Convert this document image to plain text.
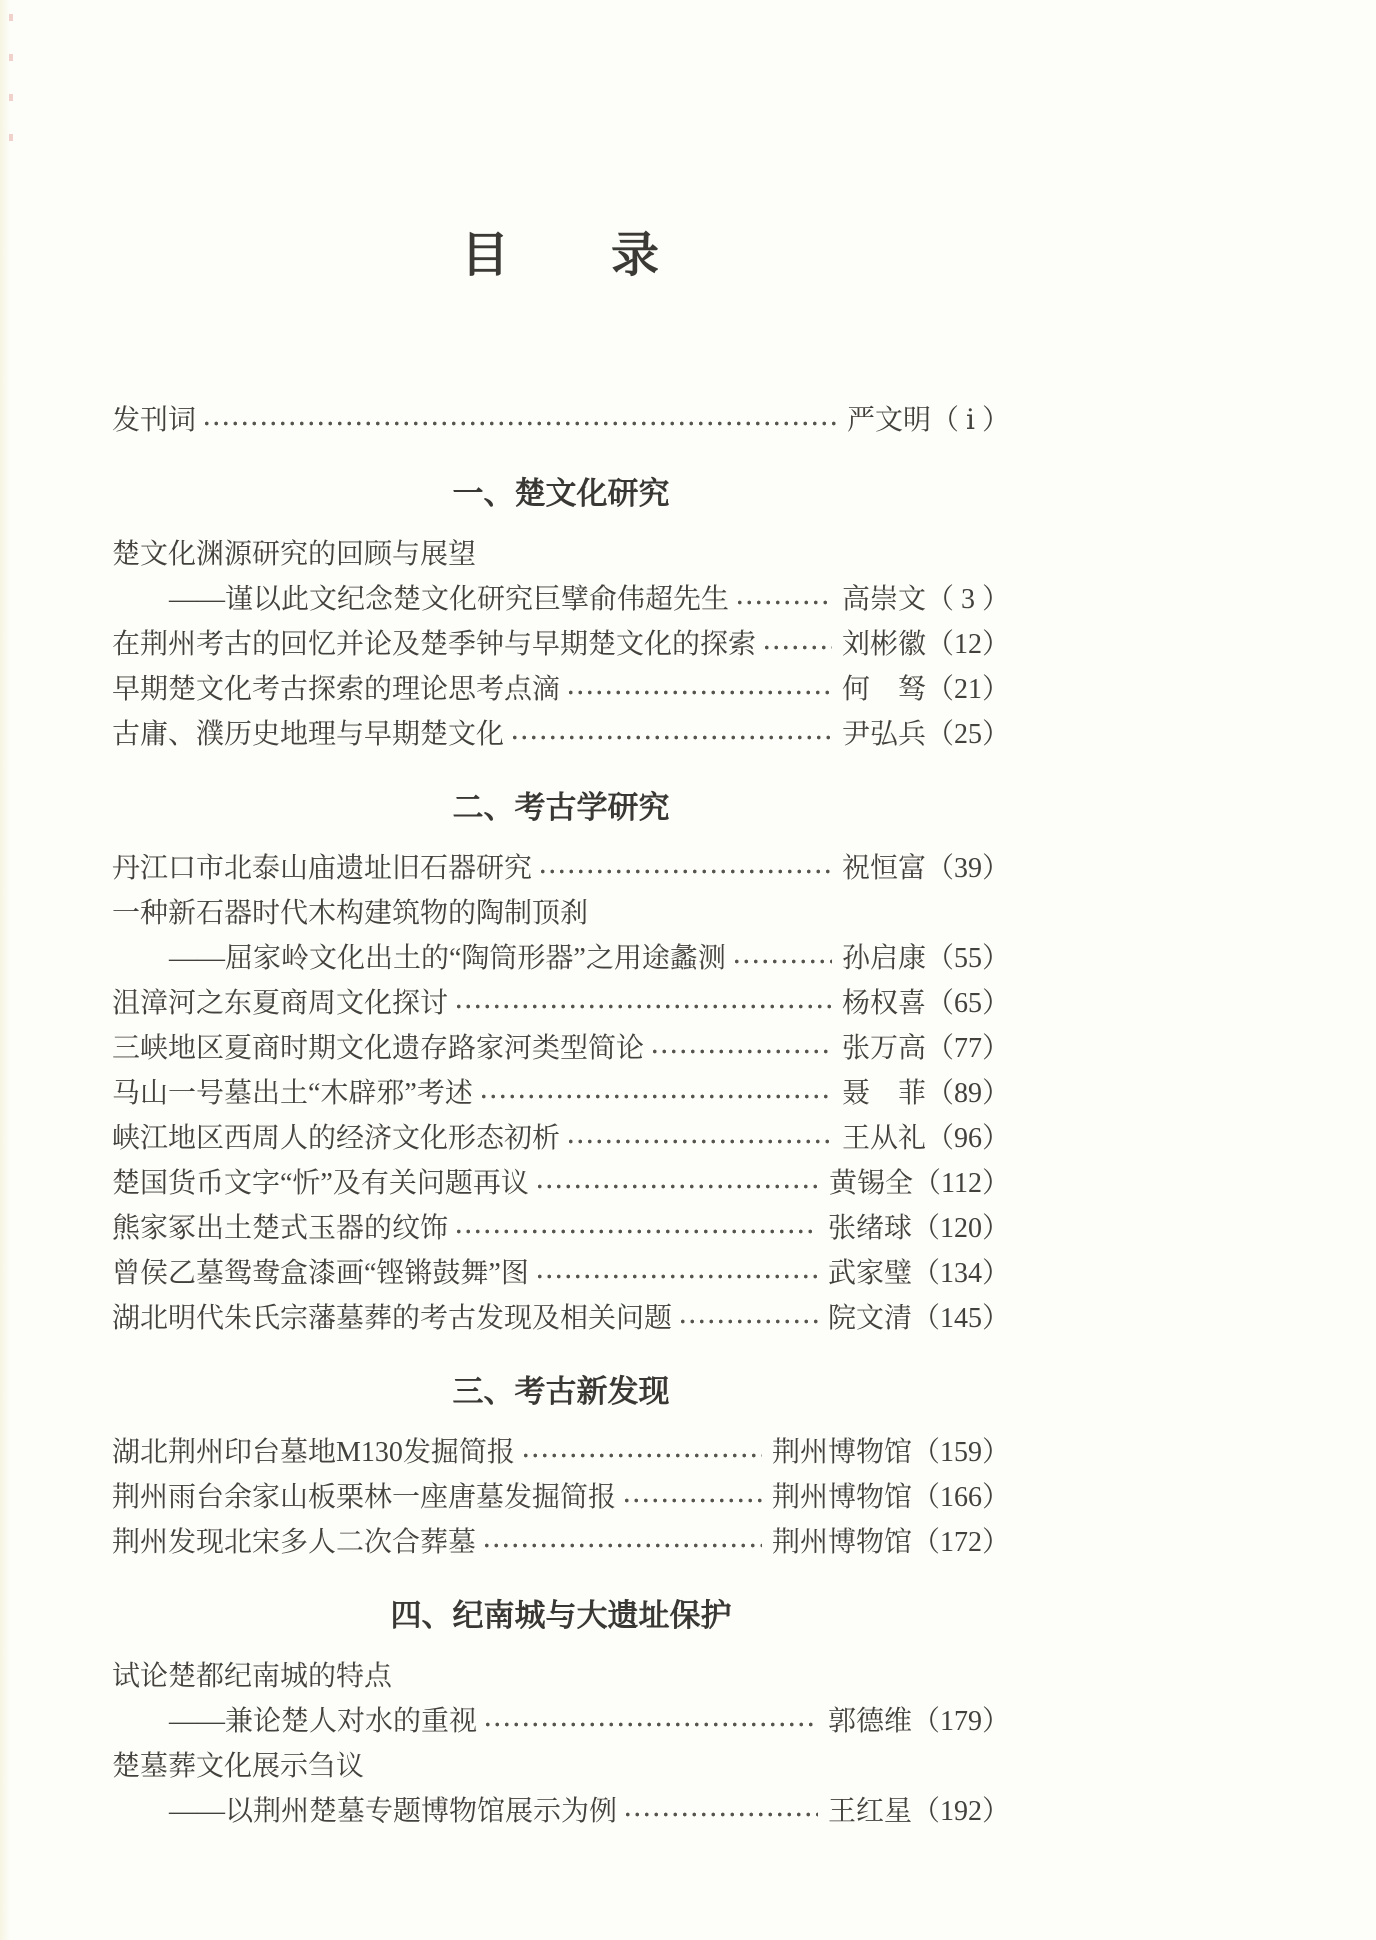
目　　录
发刊词	严文明 （ ⅰ ）
一、楚文化研究
楚文化渊源研究的回顾与展望
——谨以此文纪念楚文化研究巨擘俞伟超先生	高崇文 （ 3 ）
在荆州考古的回忆并论及楚季钟与早期楚文化的探索	刘彬徽 （12）
早期楚文化考古探索的理论思考点滴	何　驽 （21）
古庸、濮历史地理与早期楚文化	尹弘兵 （25）
二、考古学研究
丹江口市北泰山庙遗址旧石器研究	祝恒富 （39）
一种新石器时代木构建筑物的陶制顶刹
——屈家岭文化出土的“陶筒形器”之用途蠡测	孙启康 （55）
沮漳河之东夏商周文化探讨	杨权喜 （65）
三峡地区夏商时期文化遗存路家河类型简论	张万高 （77）
马山一号墓出土“木辟邪”考述	聂　菲 （89）
峡江地区西周人的经济文化形态初析	王从礼 （96）
楚国货币文字“忻”及有关问题再议	黄锡全 （112）
熊家冢出土楚式玉器的纹饰	张绪球 （120）
曾侯乙墓鸳鸯盒漆画“铿锵鼓舞”图	武家璧 （134）
湖北明代朱氏宗藩墓葬的考古发现及相关问题	院文清 （145）
三、考古新发现
湖北荆州印台墓地M130发掘简报	荆州博物馆 （159）
荆州雨台余家山板栗林一座唐墓发掘简报	荆州博物馆 （166）
荆州发现北宋多人二次合葬墓	荆州博物馆 （172）
四、纪南城与大遗址保护
试论楚都纪南城的特点
——兼论楚人对水的重视	郭德维 （179）
楚墓葬文化展示刍议
——以荆州楚墓专题博物馆展示为例	王红星 （192）
